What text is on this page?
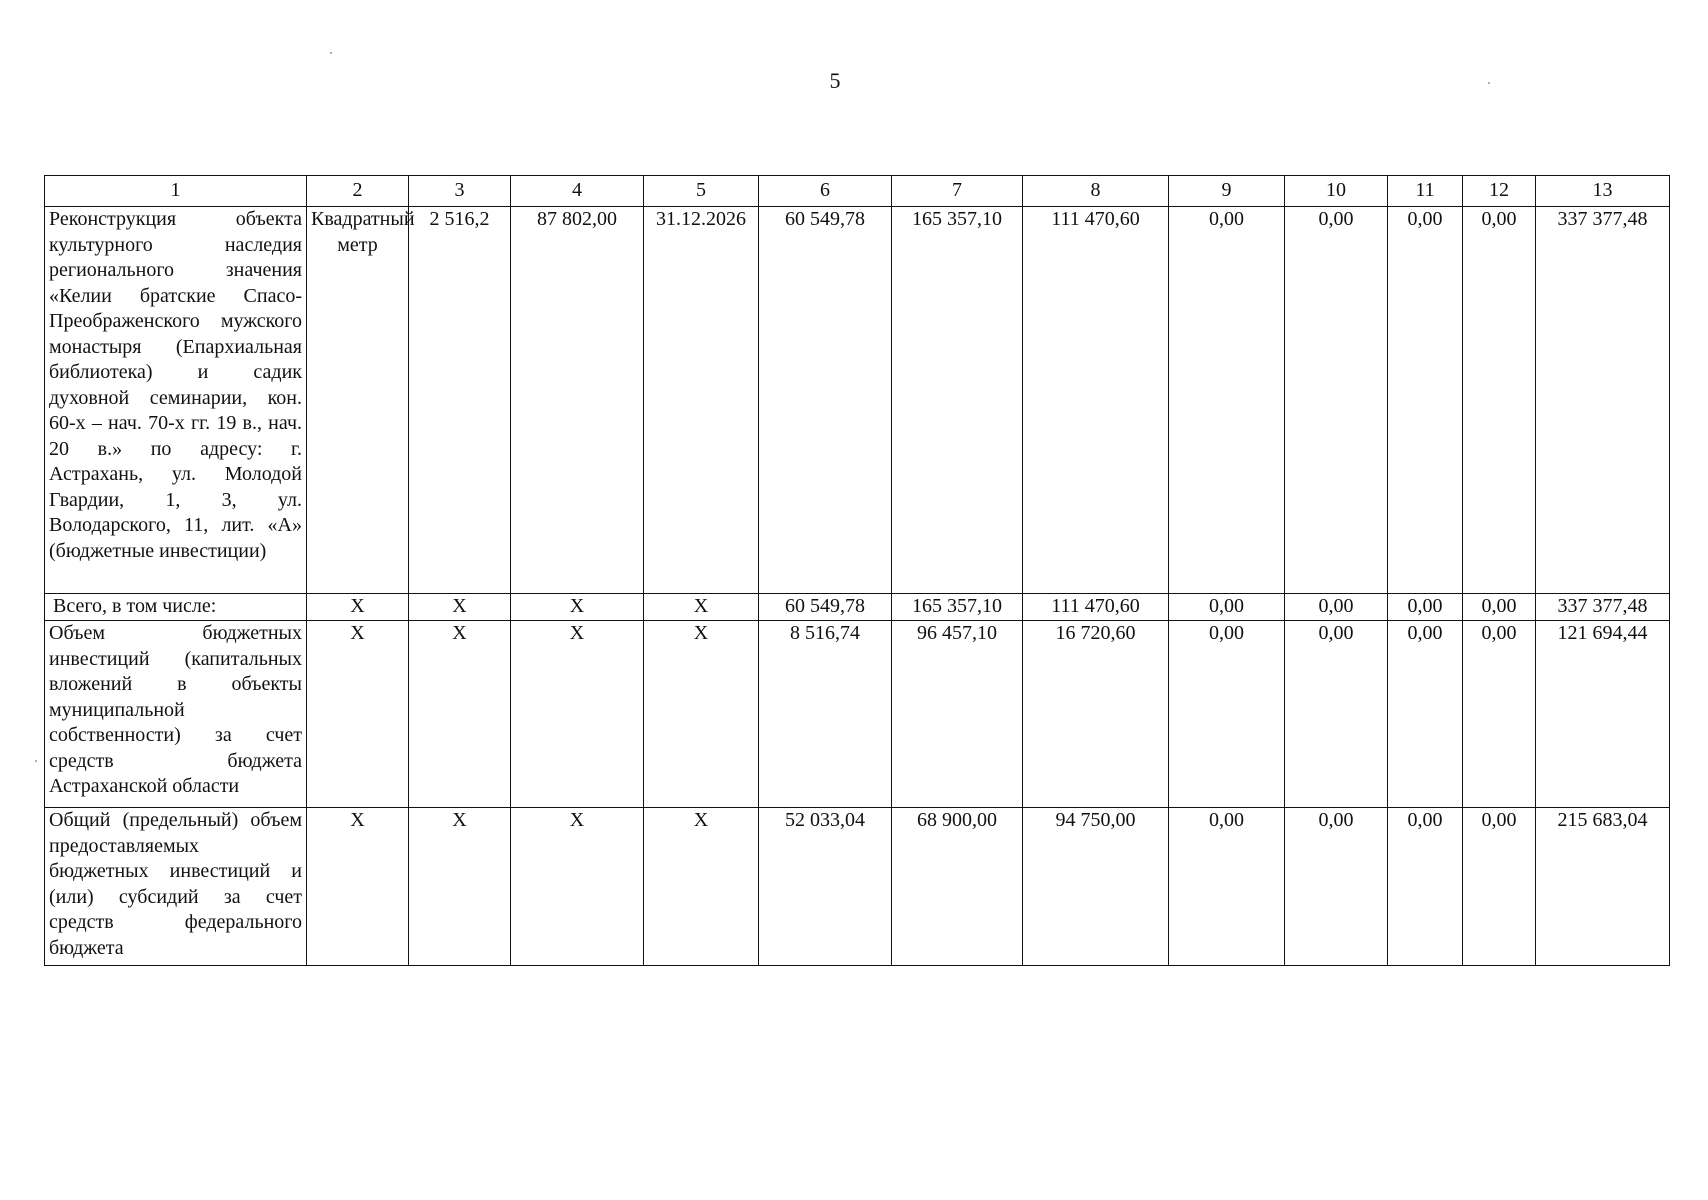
5
1	2	3	4	5	6	7	8	9	10	11	12	13
Реконструкция объекта культурного наследия регионального значения «Келии братские Спасо-Преображенского мужского монастыря (Епархиальная библиотека) и садик духовной семинарии, кон. 60-х – нач. 70-х гг. 19 в., нач. 20 в.» по адресу: г. Астрахань, ул. Молодой Гвардии, 1, 3, ул. Володарского, 11, лит. «А» (бюджетные инвестиции)	Квадратный метр	2 516,2	87 802,00	31.12.2026	60 549,78	165 357,10	111 470,60	0,00	0,00	0,00	0,00	337 377,48
Всего, в том числе:	Х	Х	Х	Х	60 549,78	165 357,10	111 470,60	0,00	0,00	0,00	0,00	337 377,48
Объем бюджетных инвестиций (капитальных вложений в объекты муниципальной собственности) за счет средств бюджета Астраханской области	Х	Х	Х	Х	8 516,74	96 457,10	16 720,60	0,00	0,00	0,00	0,00	121 694,44
Общий (предельный) объем предоставляемых бюджетных инвестиций и (или) субсидий за счет средств федерального бюджета	Х	Х	Х	Х	52 033,04	68 900,00	94 750,00	0,00	0,00	0,00	0,00	215 683,04
